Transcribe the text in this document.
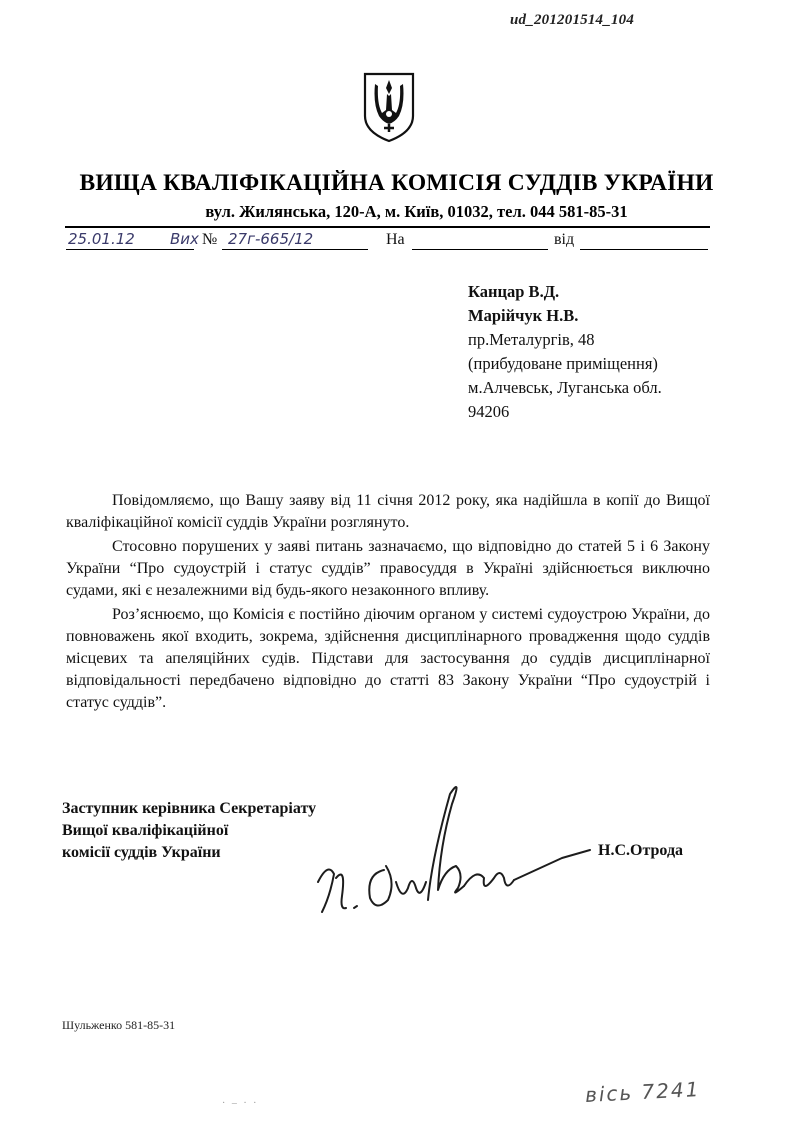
ud_201201514_104
ВИЩА КВАЛІФІКАЦІЙНА КОМІСІЯ СУДДІВ УКРАЇНИ
вул. Жилянська, 120-А, м. Київ, 01032, тел. 044 581-85-31
25.01.12 Вих № 27г-665/12	На	від
Канцар В.Д.
Марійчук Н.В.
пр.Металургів, 48
(прибудоване приміщення)
м.Алчевськ, Луганська обл.
94206

Повідомляємо, що Вашу заяву від 11 січня 2012 року, яка надійшла в копії до Вищої кваліфікаційної комісії суддів України розглянуто.

Стосовно порушених у заяві питань зазначаємо, що відповідно до статей 5 і 6 Закону України “Про судоустрій і статус суддів” правосуддя в Україні здійснюється виключно судами, які є незалежними від будь-якого незаконного впливу.

Роз’яснюємо, що Комісія є постійно діючим органом у системі судоустрою України, до повноважень якої входить, зокрема, здійснення дисциплінарного провадження щодо суддів місцевих та апеляційних судів. Підстави для застосування до суддів дисциплінарної відповідальності передбачено відповідно до статті 83 Закону України “Про судоустрій і статус суддів”.

Заступник керівника Секретаріату
Вищої кваліфікаційної
комісії суддів України	Н.С.Отрода
Шульженко 581-85-31
вісь 7241
· ‒ · ·
